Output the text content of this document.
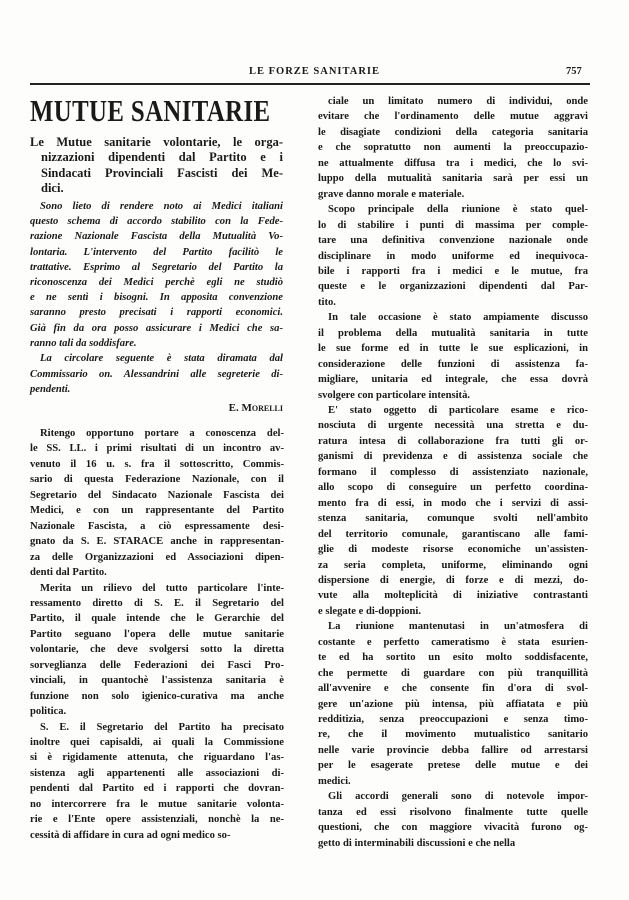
LE FORZE SANITARIE	757
MUTUE SANITARIE
E. Morelli
Le Mutue sanitarie volontarie, le orga-
nizzazioni dipendenti dal Partito e i
Sindacati Provinciali Fascisti dei Me-
dici.
Sono lieto di rendere noto ai Medici italiani
questo schema di accordo stabilito con la Fede-
razione Nazionale Fascista della Mutualità Vo-
lontaria. L'intervento del Partito facilitò le
trattative. Esprimo al Segretario del Partito la
riconoscenza dei Medici perchè egli ne studiò
e ne sentì i bisogni. In apposita convenzione
saranno presto precisati i rapporti economici.
Già fin da ora posso assicurare i Medici che sa-
ranno tali da soddisfare.
La circolare seguente è stata diramata dal
Commissario on. Alessandrini alle segreterie di-
pendenti.
Ritengo opportuno portare a conoscenza del-
le SS. LL. i primi risultati di un incontro av-
venuto il 16 u. s. fra il sottoscritto, Commis-
sario di questa Federazione Nazionale, con il
Segretario del Sindacato Nazionale Fascista dei
Medici, e con un rappresentante del Partito
Nazionale Fascista, a ciò espressamente desi-
gnato da S. E. STARACE anche in rappresentan-
za delle Organizzazioni ed Associazioni dipen-
denti dal Partito.
Merita un rilievo del tutto particolare l'inte-
ressamento diretto di S. E. il Segretario del
Partito, il quale intende che le Gerarchie del
Partito seguano l'opera delle mutue sanitarie
volontarie, che deve svolgersi sotto la diretta
sorveglianza delle Federazioni dei Fasci Pro-
vinciali, in quantochè l'assistenza sanitaria è
funzione non solo igienico-curativa ma anche
politica.
S. E. il Segretario del Partito ha precisato
inoltre quei capisaldi, ai quali la Commissione
si è rigidamente attenuta, che riguardano l'as-
sistenza agli appartenenti alle associazioni di-
pendenti dal Partito ed i rapporti che dovran-
no intercorrere fra le mutue sanitarie volonta-
rie e l'Ente opere assistenziali, nonchè la ne-
cessità di affidare in cura ad ogni medico so-
ciale un limitato numero di individui, onde
evitare che l'ordinamento delle mutue aggravi
le disagiate condizioni della categoria sanitaria
e che sopratutto non aumenti la preoccupazio-
ne attualmente diffusa tra i medici, che lo svi-
luppo della mutualità sanitaria sarà per essi un
grave danno morale e materiale.
Scopo principale della riunione è stato quel-
lo di stabilire i punti di massima per comple-
tare una definitiva convenzione nazionale onde
disciplinare in modo uniforme ed inequivoca-
bile i rapporti fra i medici e le mutue, fra
queste e le organizzazioni dipendenti dal Par-
tito.
In tale occasione è stato ampiamente discusso
il problema della mutualità sanitaria in tutte
le sue forme ed in tutte le sue esplicazioni, in
considerazione delle funzioni di assistenza fa-
migliare, unitaria ed integrale, che essa dovrà
svolgere con particolare intensità.
E' stato oggetto di particolare esame e rico-
nosciuta di urgente necessità una stretta e du-
ratura intesa di collaborazione fra tutti gli or-
ganismi di previdenza e di assistenza sociale che
formano il complesso di assistenziato nazionale,
allo scopo di conseguire un perfetto coordina-
mento fra di essi, in modo che i servizi di assi-
stenza sanitaria, comunque svolti nell'ambito
del territorio comunale, garantiscano alle fami-
glie di modeste risorse economiche un'assisten-
za seria completa, uniforme, eliminando ogni
dispersione di energie, di forze e di mezzi, do-
vute alla molteplicità di iniziative contrastanti
e slegate e di-doppioni.
La riunione mantenutasi in un'atmosfera di
costante e perfetto cameratismo è stata esurien-
te ed ha sortito un esito molto soddisfacente,
che permette di guardare con più tranquillità
all'avvenire e che consente fin d'ora di svol-
gere un'azione più intensa, più affiatata e più
redditizia, senza preoccupazioni e senza timo-
re, che il movimento mutualistico sanitario
nelle varie provincie debba fallire od arrestarsi
per le esagerate pretese delle mutue e dei
medici.
Gli accordi generali sono di notevole impor-
tanza ed essi risolvono finalmente tutte quelle
questioni, che con maggiore vivacità furono og-
getto di interminabili discussioni e che nella
